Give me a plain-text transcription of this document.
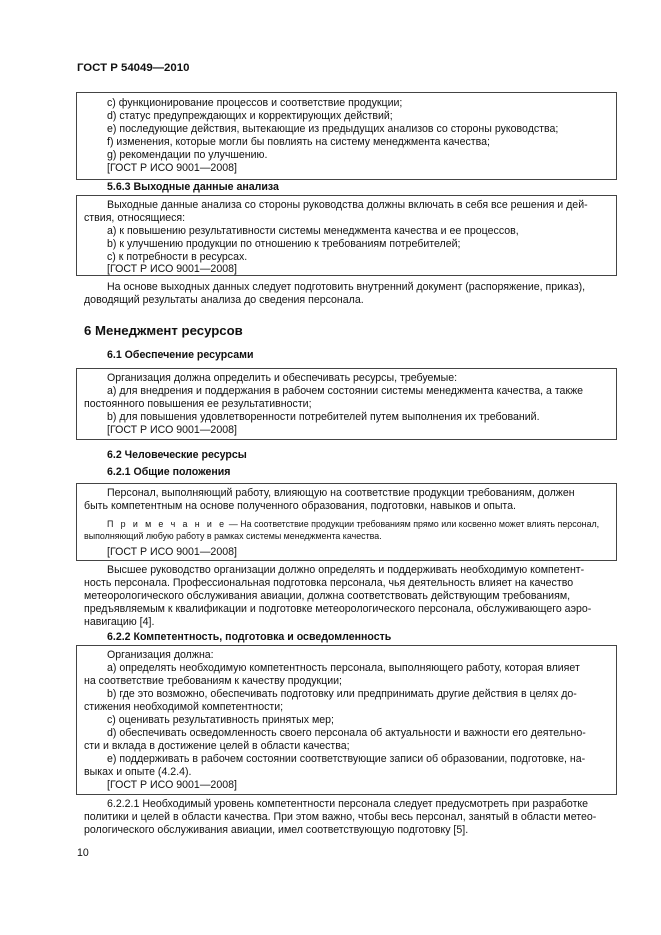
ГОСТ Р 54049—2010
c) функционирование процессов и соответствие продукции;
d) статус предупреждающих и корректирующих действий;
e) последующие действия, вытекающие из предыдущих анализов со стороны руководства;
f) изменения, которые могли бы повлиять на систему менеджмента качества;
g) рекомендации по улучшению.
[ГОСТ Р ИСО 9001—2008]
5.6.3 Выходные данные анализа
Выходные данные анализа со стороны руководства должны включать в себя все решения и дей-
ствия, относящиеся:
a) к повышению результативности системы менеджмента качества и ее процессов,
b) к улучшению продукции по отношению к требованиям потребителей;
c) к потребности в ресурсах.
[ГОСТ Р ИСО 9001—2008]
На основе выходных данных следует подготовить внутренний документ (распоряжение, приказ),
доводящий результаты анализа до сведения персонала.
6 Менеджмент ресурсов
6.1 Обеспечение ресурсами
Организация должна определить и обеспечивать ресурсы, требуемые:
a) для внедрения и поддержания в рабочем состоянии системы менеджмента качества, а также
постоянного повышения ее результативности;
b) для повышения удовлетворенности потребителей путем выполнения их требований.
[ГОСТ Р ИСО 9001—2008]
6.2 Человеческие ресурсы
6.2.1 Общие положения
Персонал, выполняющий работу, влияющую на соответствие продукции требованиям, должен
быть компетентным на основе полученного образования, подготовки, навыков и опыта.
П р и м е ч а н и е — На соответствие продукции требованиям прямо или косвенно может влиять персонал,
выполняющий любую работу в рамках системы менеджмента качества.
[ГОСТ Р ИСО 9001—2008]
Высшее руководство организации должно определять и поддерживать необходимую компетент-
ность персонала. Профессиональная подготовка персонала, чья деятельность влияет на качество
метеорологического обслуживания авиации, должна соответствовать действующим требованиям,
предъявляемым к квалификации и подготовке метеорологического персонала, обслуживающего аэро-
навигацию [4].
6.2.2 Компетентность, подготовка и осведомленность
Организация должна:
a) определять необходимую компетентность персонала, выполняющего работу, которая влияет
на соответствие требованиям к качеству продукции;
b) где это возможно, обеспечивать подготовку или предпринимать другие действия в целях до-
стижения необходимой компетентности;
c) оценивать результативность принятых мер;
d) обеспечивать осведомленность своего персонала об актуальности и важности его деятельно-
сти и вклада в достижение целей в области качества;
e) поддерживать в рабочем состоянии соответствующие записи об образовании, подготовке, на-
выках и опыте (4.2.4).
[ГОСТ Р ИСО 9001—2008]
6.2.2.1 Необходимый уровень компетентности персонала следует предусмотреть при разработке
политики и целей в области качества. При этом важно, чтобы весь персонал, занятый в области метео-
рологического обслуживания авиации, имел соответствующую подготовку [5].
10
